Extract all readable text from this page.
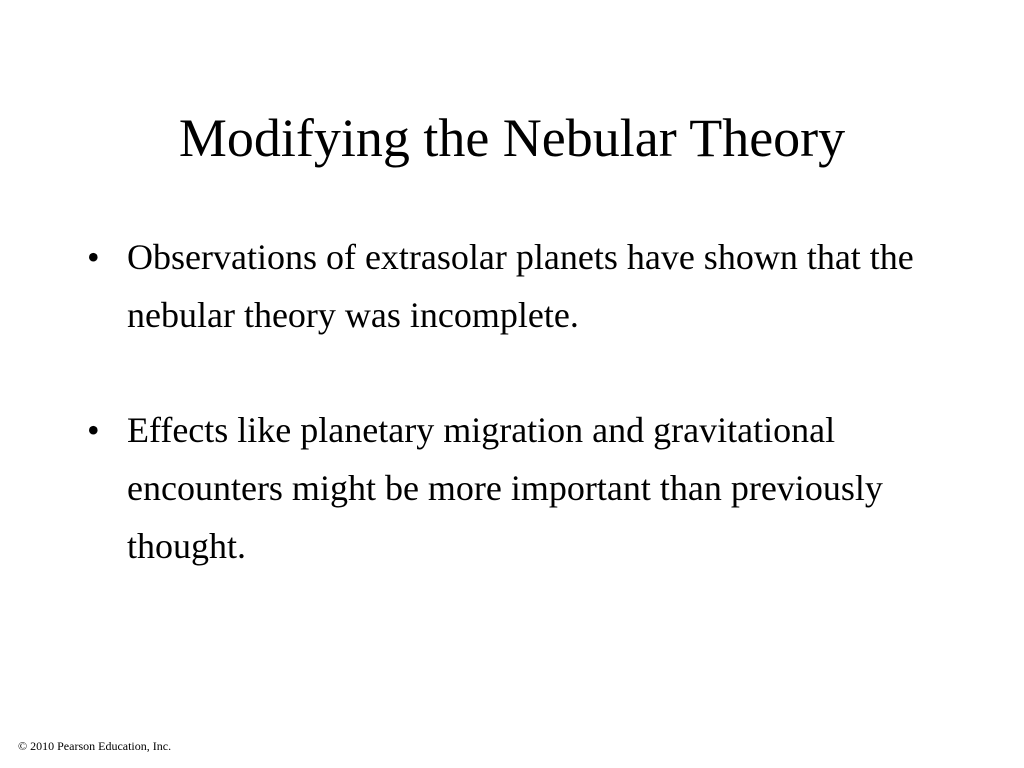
Modifying the Nebular Theory
• Observations of extrasolar planets have shown that the nebular theory was incomplete.
• Effects like planetary migration and gravitational encounters might be more important than previously thought.
© 2010 Pearson Education, Inc.
